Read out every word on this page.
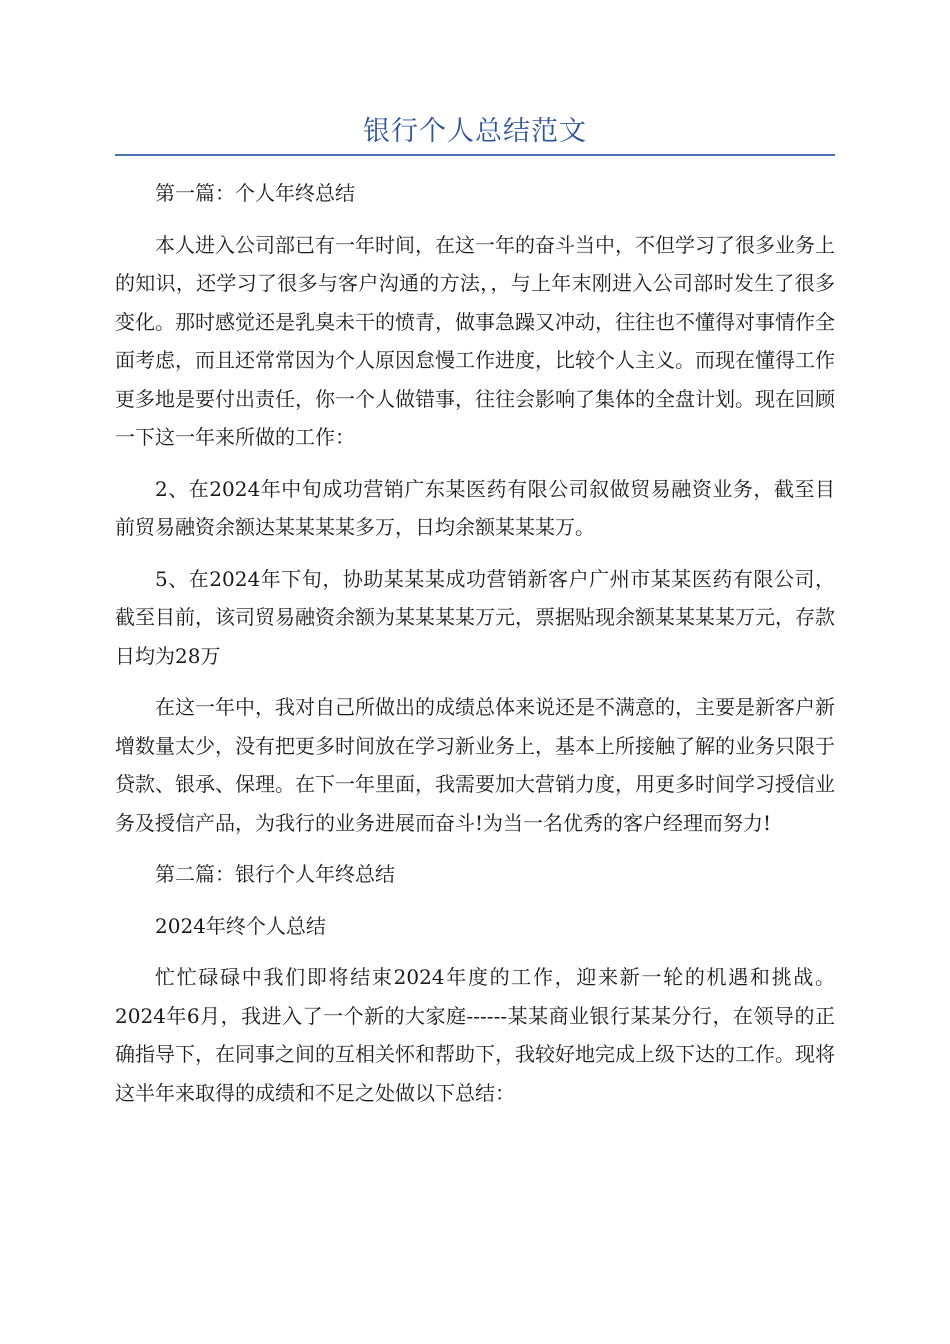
银行个人总结范文

第一篇：个人年终总结

本人进入公司部已有一年时间，在这一年的奋斗当中，不但学习了很多业务上的知识，还学习了很多与客户沟通的方法，，与上年末刚进入公司部时发生了很多变化。那时感觉还是乳臭未干的愤青，做事急躁又冲动，往往也不懂得对事情作全面考虑，而且还常常因为个人原因怠慢工作进度，比较个人主义。而现在懂得工作更多地是要付出责任，你一个人做错事，往往会影响了集体的全盘计划。现在回顾一下这一年来所做的工作：

2、在2024年中旬成功营销广东某医药有限公司叙做贸易融资业务，截至目前贸易融资余额达某某某某多万，日均余额某某某万。

5、在2024年下旬，协助某某某成功营销新客户广州市某某医药有限公司，截至目前，该司贸易融资余额为某某某某万元，票据贴现余额某某某某万元，存款日均为28万

在这一年中，我对自己所做出的成绩总体来说还是不满意的，主要是新客户新增数量太少，没有把更多时间放在学习新业务上，基本上所接触了解的业务只限于贷款、银承、保理。在下一年里面，我需要加大营销力度，用更多时间学习授信业务及授信产品，为我行的业务进展而奋斗!为当一名优秀的客户经理而努力!

第二篇：银行个人年终总结

2024年终个人总结

忙忙碌碌中我们即将结束2024年度的工作，迎来新一轮的机遇和挑战。2024年6月，我进入了一个新的大家庭------某某商业银行某某分行，在领导的正确指导下，在同事之间的互相关怀和帮助下，我较好地完成上级下达的工作。现将这半年来取得的成绩和不足之处做以下总结：
